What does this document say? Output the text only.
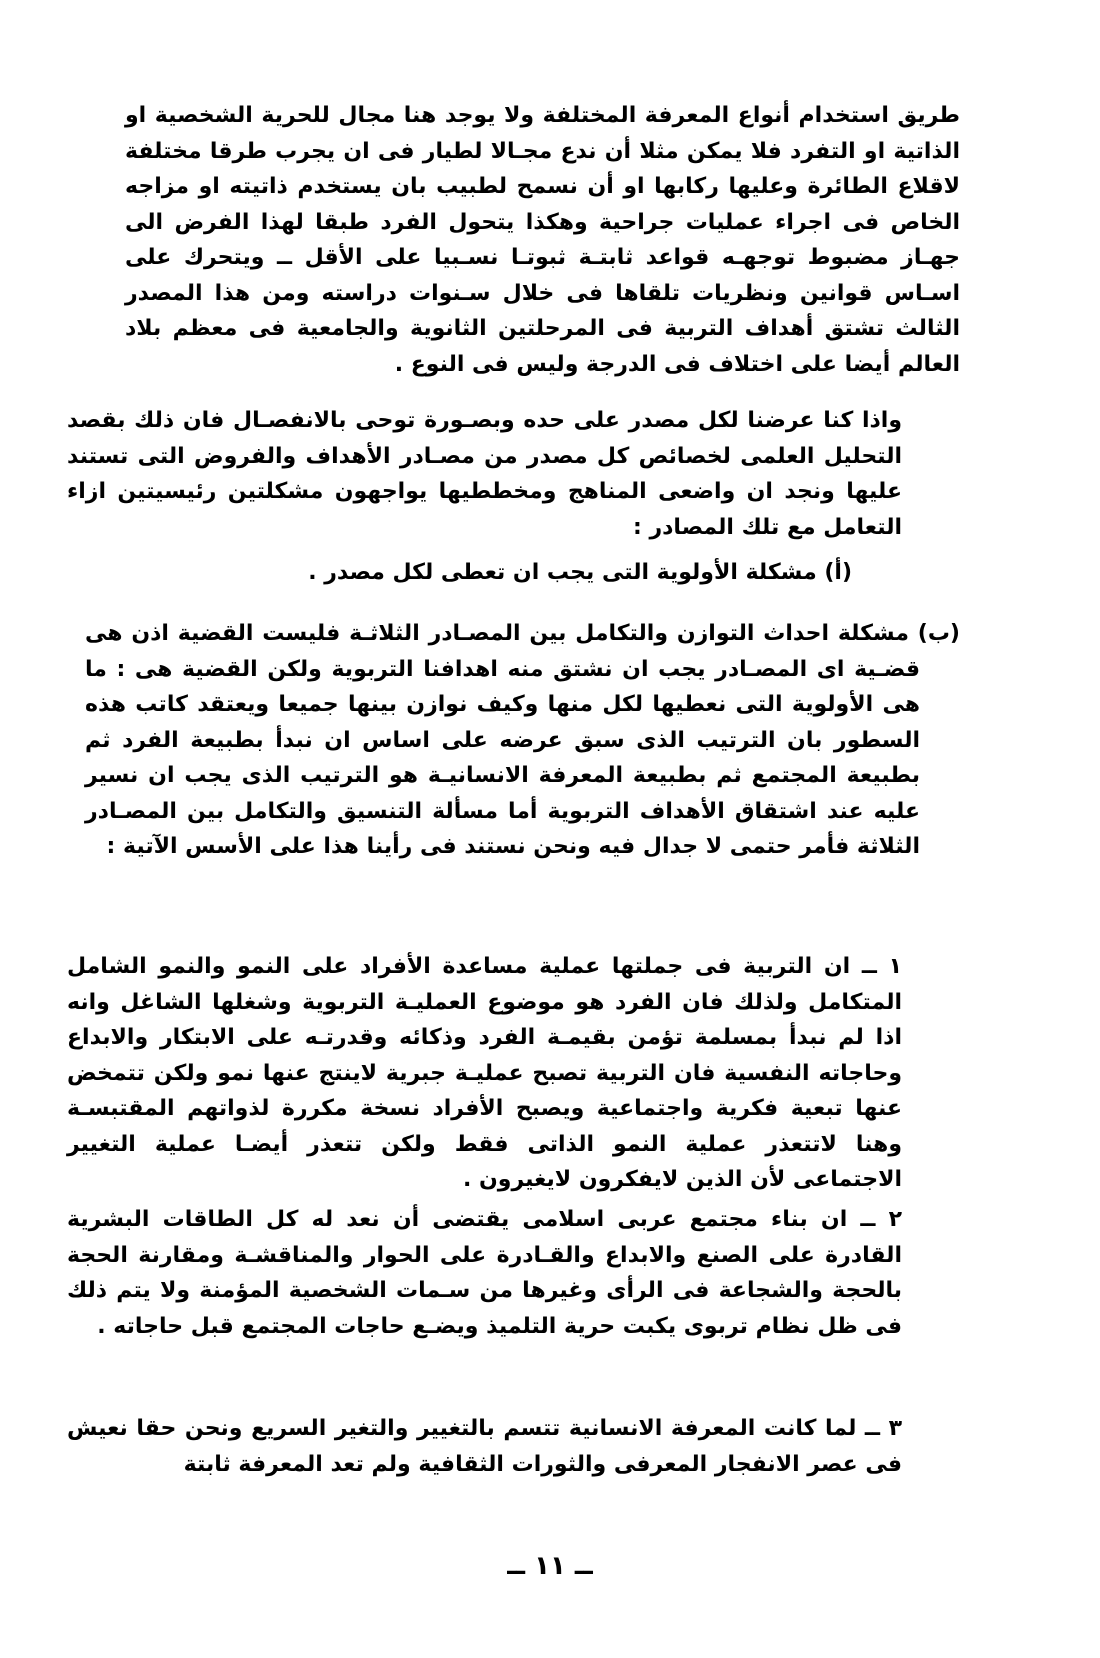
طريق استخدام أنواع المعرفة المختلفة ولا يوجد هنا مجال للحرية الشخصية او الذاتية او التفرد فلا يمكن مثلا أن ندع مجـالا لطيار فى ان يجرب طرقا مختلفة لاقلاع الطائرة وعليها ركابها او أن نسمح لطبيب بان يستخدم ذاتيته او مزاجه الخاص فى اجراء عمليات جراحية وهكذا يتحول الفرد طبقا لهذا الفرض الى جهـاز مضبوط توجهـه قواعد ثابتـة ثبوتـا نسـبيا على الأقل ــ ويتحرك على اسـاس قوانين ونظريات تلقاها فى خلال سـنوات دراسته ومن هذا المصدر الثالث تشتق أهداف التربية فى المرحلتين الثانوية والجامعية فى معظم بلاد العالم أيضا على اختلاف فى الدرجة وليس فى النوع .

واذا كنا عرضنا لكل مصدر على حده وبصـورة توحى بالانفصـال فان ذلك بقصد التحليل العلمى لخصائص كل مصدر من مصـادر الأهداف والفروض التى تستند عليها ونجد ان واضعى المناهج ومخططيها يواجهون مشكلتين رئيسيتين ازاء التعامل مع تلك المصادر :

(أ) مشكلة الأولوية التى يجب ان تعطى لكل مصدر .

(ب) مشكلة احداث التوازن والتكامل بين المصـادر الثلاثـة فليست القضية اذن هى قضـية اى المصـادر يجب ان نشتق منه اهدافنا التربوية ولكن القضية هى : ما هى الأولوية التى نعطيها لكل منها وكيف نوازن بينها جميعا ويعتقد كاتب هذه السطور بان الترتيب الذى سبق عرضه على اساس ان نبدأ بطبيعة الفرد ثم بطبيعة المجتمع ثم بطبيعة المعرفة الانسانيـة هو الترتيب الذى يجب ان نسير عليه عند اشتقاق الأهداف التربوية أما مسألة التنسيق والتكامل بين المصـادر الثلاثة فأمر حتمى لا جدال فيه ونحن نستند فى رأينا هذا على الأسس الآتية :

١ ــ ان التربية فى جملتها عملية مساعدة الأفراد على النمو والنمو الشامل المتكامل ولذلك فان الفرد هو موضوع العمليـة التربوية وشغلها الشاغل وانه اذا لم نبدأ بمسلمة تؤمن بقيمـة الفرد وذكائه وقدرتـه على الابتكار والابداع وحاجاته النفسية فان التربية تصبح عمليـة جبرية لاينتج عنها نمو ولكن تتمخض عنها تبعية فكرية واجتماعية ويصبح الأفراد نسخة مكررة لذواتهم المقتبسـة وهنا لاتتعذر عملية النمو الذاتى فقط ولكن تتعذر أيضـا عملية التغيير الاجتماعى لأن الذين لايفكرون لايغيرون .

٢ ــ ان بناء مجتمع عربى اسلامى يقتضى أن نعد له كل الطاقات البشرية القادرة على الصنع والابداع والقـادرة على الحوار والمناقشـة ومقارنة الحجة بالحجة والشجاعة فى الرأى وغيرها من سـمات الشخصية المؤمنة ولا يتم ذلك فى ظل نظام تربوى يكبت حرية التلميذ ويضـع حاجات المجتمع قبل حاجاته .

٣ ــ لما كانت المعرفة الانسانية تتسم بالتغيير والتغير السريع ونحن حقا نعيش فى عصر الانفجار المعرفى والثورات الثقافية ولم تعد المعرفة ثابتة

ــ ١١ ــ
